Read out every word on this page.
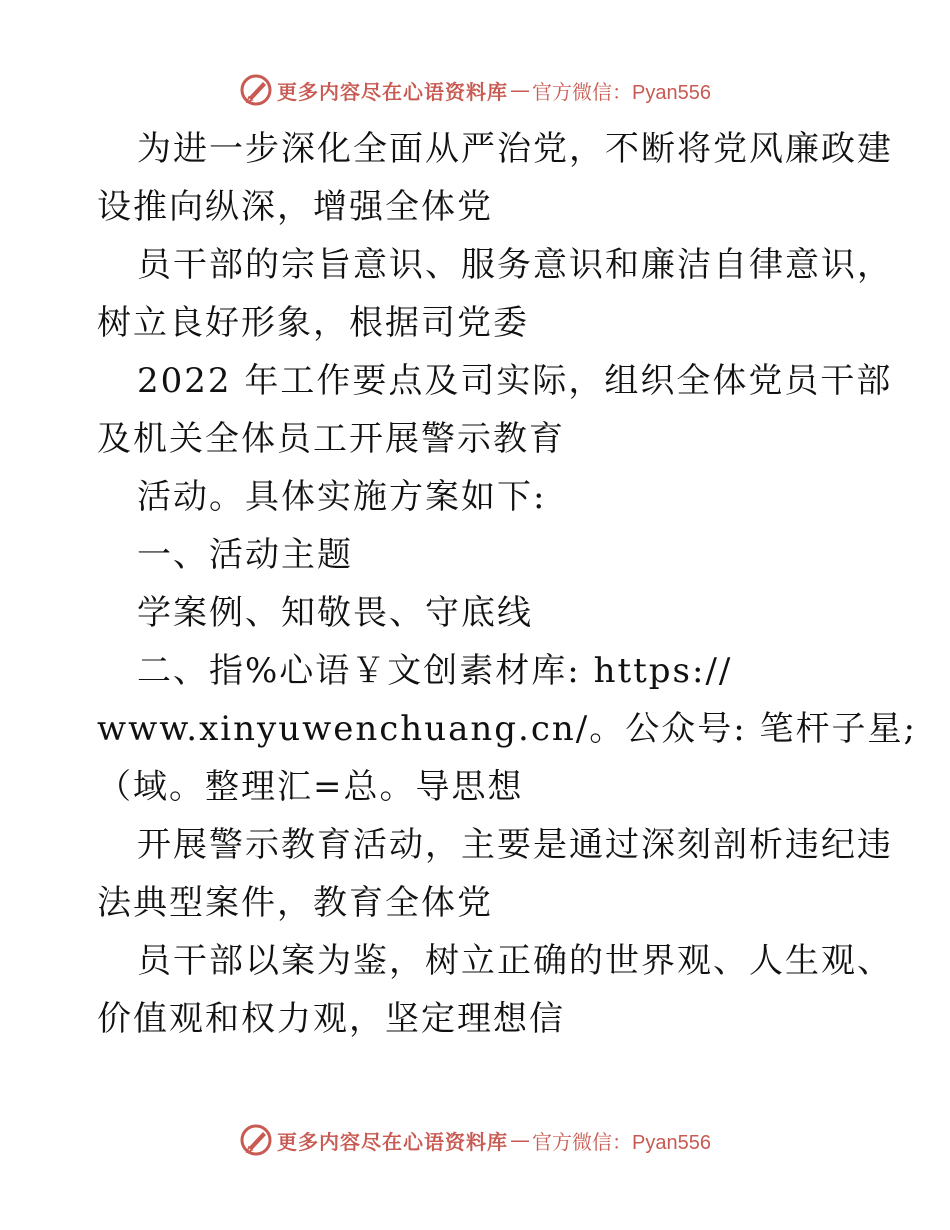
更多内容尽在心语资料库 — 官方微信：Pyan556
为进一步深化全面从严治党，不断将党风廉政建
设推向纵深，增强全体党
员干部的宗旨意识、服务意识和廉洁自律意识，
树立良好形象，根据司党委
2022 年工作要点及司实际，组织全体党员干部
及机关全体员工开展警示教育
活动。具体实施方案如下:
一、活动主题
学案例、知敬畏、守底线
二、指%心语￥文创素材库: https://
www.xinyuwenchuang.cn/。公众号: 笔杆子星;
（域。整理汇=总。导思想
开展警示教育活动，主要是通过深刻剖析违纪违
法典型案件，教育全体党
员干部以案为鉴，树立正确的世界观、人生观、
价值观和权力观，坚定理想信
更多内容尽在心语资料库 — 官方微信：Pyan556
